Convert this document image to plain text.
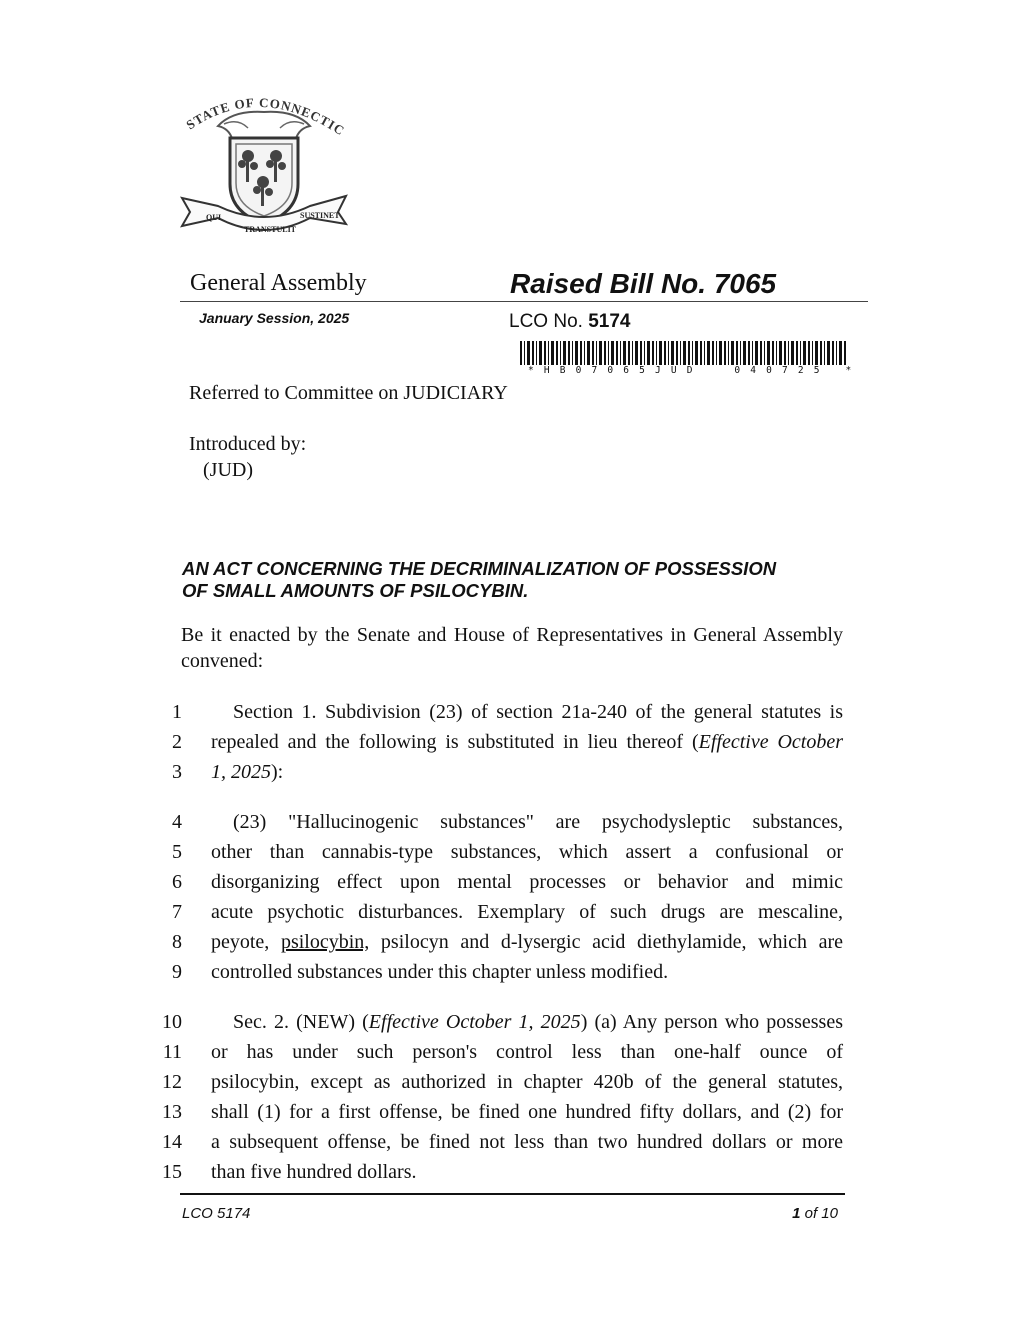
STATE OF CONNECTIC
QUI
TRANSTULIT
SUSTINET
General Assembly	Raised Bill No. 7065
January Session, 2025	LCO No. 5174
* H B 0 7 0 6 5 J U D

	0 4 0 7 2 5
	*
Referred to Committee on JUDICIARY
Introduced by:
(JUD)
AN ACT CONCERNING THE DECRIMINALIZATION OF POSSESSION
OF SMALL AMOUNTS OF PSILOCYBIN.
Be it enacted by the Senate and House of Representatives in General Assembly convened:
1	Section 1. Subdivision (23) of section 21a-240 of the general statutes is
2 repealed and the following is substituted in lieu thereof (Effective October
3 1, 2025):
4	(23) "Hallucinogenic substances" are psychodysleptic substances,
5 other than cannabis-type substances, which assert a confusional or
6 disorganizing effect upon mental processes or behavior and mimic
7 acute psychotic disturbances. Exemplary of such drugs are mescaline,
8 peyote, psilocybin, psilocyn and d-lysergic acid diethylamide, which are
9 controlled substances under this chapter unless modified.
10	Sec. 2. (NEW) (Effective October 1, 2025) (a) Any person who possesses
11 or has under such person's control less than one-half ounce of
12 psilocybin, except as authorized in chapter 420b of the general statutes,
13 shall (1) for a first offense, be fined one hundred fifty dollars, and (2) for
14 a subsequent offense, be fined not less than two hundred dollars or more
15 than five hundred dollars.
LCO 5174	1 of 10
